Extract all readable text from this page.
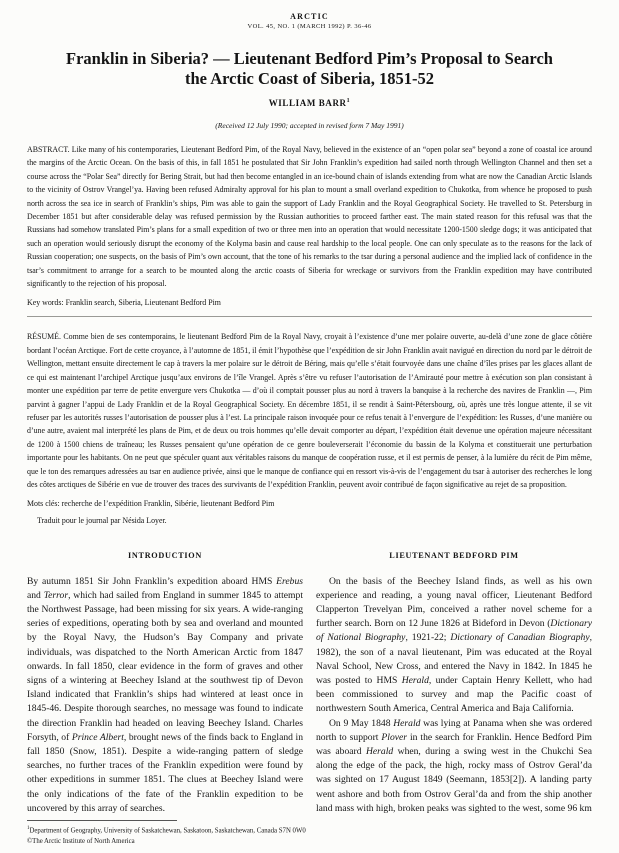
ARCTIC
VOL. 45, NO. 1 (MARCH 1992) P. 36-46
Franklin in Siberia? — Lieutenant Bedford Pim’s Proposal to Search
the Arctic Coast of Siberia, 1851-52
WILLIAM BARR$^1$
(Received 12 July 1990; accepted in revised form 7 May 1991)
ABSTRACT. Like many of his contemporaries, Lieutenant Bedford Pim, of the Royal Navy, believed in the existence of an “open polar sea” beyond a zone of coastal ice around the margins of the Arctic Ocean. On the basis of this, in fall 1851 he postulated that Sir John Franklin’s expedition had sailed north through Wellington Channel and then set a course across the “Polar Sea” directly for Bering Strait, but had then become entangled in an ice-bound chain of islands extending from what are now the Canadian Arctic Islands to the vicinity of Ostrov Vrangel’ya. Having been refused Admiralty approval for his plan to mount a small overland expedition to Chukotka, from whence he proposed to push north across the sea ice in search of Franklin’s ships, Pim was able to gain the support of Lady Franklin and the Royal Geographical Society. He travelled to St. Petersburg in December 1851 but after considerable delay was refused permission by the Russian authorities to proceed farther east. The main stated reason for this refusal was that the Russians had somehow translated Pim’s plans for a small expedition of two or three men into an operation that would necessitate 1200-1500 sledge dogs; it was anticipated that such an operation would seriously disrupt the economy of the Kolyma basin and cause real hardship to the local people. One can only speculate as to the reasons for the lack of Russian cooperation; one suspects, on the basis of Pim’s own account, that the tone of his remarks to the tsar during a personal audience and the implied lack of confidence in the tsar’s commitment to arrange for a search to be mounted along the arctic coasts of Siberia for wreckage or survivors from the Franklin expedition may have contributed significantly to the rejection of his proposal.
Key words: Franklin search, Siberia, Lieutenant Bedford Pim
RÉSUMÉ. Comme bien de ses contemporains, le lieutenant Bedford Pim de la Royal Navy, croyait à l’existence d’une mer polaire ouverte, au-delà d’une zone de glace côtière bordant l’océan Arctique. Fort de cette croyance, à l’automne de 1851, il émit l’hypothèse que l’expédition de sir John Franklin avait navigué en direction du nord par le détroit de Wellington, mettant ensuite directement le cap à travers la mer polaire sur le détroit de Béring, mais qu’elle s’était fourvoyée dans une chaîne d’îles prises par les glaces allant de ce qui est maintenant l’archipel Arctique jusqu’aux environs de l’île Vrangel. Après s’être vu refuser l’autorisation de l’Amirauté pour mettre à exécution son plan consistant à monter une expédition par terre de petite envergure vers Chukotka — d’où il comptait pousser plus au nord à travers la banquise à la recherche des navires de Franklin —, Pim parvint à gagner l’appui de Lady Franklin et de la Royal Geographical Society. En décembre 1851, il se rendit à Saint-Pétersbourg, où, après une très longue attente, il se vit refuser par les autorités russes l’autorisation de pousser plus à l’est. La principale raison invoquée pour ce refus tenait à l’envergure de l’expédition: les Russes, d’une manière ou d’une autre, avaient mal interprété les plans de Pim, et de deux ou trois hommes qu’elle devait comporter au départ, l’expédition était devenue une opération majeure nécessitant de 1200 à 1500 chiens de traîneau; les Russes pensaient qu’une opération de ce genre bouleverserait l’économie du bassin de la Kolyma et constituerait une perturbation importante pour les habitants. On ne peut que spéculer quant aux véritables raisons du manque de coopération russe, et il est permis de penser, à la lumière du récit de Pim même, que le ton des remarques adressées au tsar en audience privée, ainsi que le manque de confiance qui en ressort vis-à-vis de l’engagement du tsar à autoriser des recherches le long des côtes arctiques de Sibérie en vue de trouver des traces des survivants de l’expédition Franklin, peuvent avoir contribué de façon significative au rejet de sa proposition.
Mots clés: recherche de l’expédition Franklin, Sibérie, lieutenant Bedford Pim
Traduit pour le journal par Nésida Loyer.
INTRODUCTION

By autumn 1851 Sir John Franklin’s expedition aboard HMS Erebus and Terror, which had sailed from England in summer 1845 to attempt the Northwest Passage, had been missing for six years. A wide-ranging series of expeditions, operating both by sea and overland and mounted by the Royal Navy, the Hudson’s Bay Company and private individuals, was dispatched to the North American Arctic from 1847 onwards. In fall 1850, clear evidence in the form of graves and other signs of a wintering at Beechey Island at the southwest tip of Devon Island indicated that Franklin’s ships had wintered at least once in 1845-46. Despite thorough searches, no message was found to indicate the direction Franklin had headed on leaving Beechey Island. Charles Forsyth, of Prince Albert, brought news of the finds back to England in fall 1850 (Snow, 1851). Despite a wide-ranging pattern of sledge searches, no further traces of the Franklin expedition were found by other expeditions in summer 1851. The clues at Beechey Island were the only indications of the fate of the Franklin expedition to be uncovered by this array of searches.

LIEUTENANT BEDFORD PIM

On the basis of the Beechey Island finds, as well as his own experience and reading, a young naval officer, Lieutenant Bedford Clapperton Trevelyan Pim, conceived a rather novel scheme for a further search. Born on 12 June 1826 at Bideford in Devon (Dictionary of National Biography, 1921-22; Dictionary of Canadian Biography, 1982), the son of a naval lieutenant, Pim was educated at the Royal Naval School, New Cross, and entered the Navy in 1842. In 1845 he was posted to HMS Herald, under Captain Henry Kellett, who had been commissioned to survey and map the Pacific coast of northwestern South America, Central America and Baja California.

On 9 May 1848 Herald was lying at Panama when she was ordered north to support Plover in the search for Franklin. Hence Bedford Pim was aboard Herald when, during a swing west in the Chukchi Sea along the edge of the pack, the high, rocky mass of Ostrov Geral’da was sighted on 17 August 1849 (Seemann, 1853[2]). A landing party went ashore and both from Ostrov Geral’da and from the ship another land mass with high, broken peaks was sighted to the west, some 96 km

$^1$Department of Geography, University of Saskatchewan, Saskatoon, Saskatchewan, Canada S7N 0W0
©The Arctic Institute of North America
